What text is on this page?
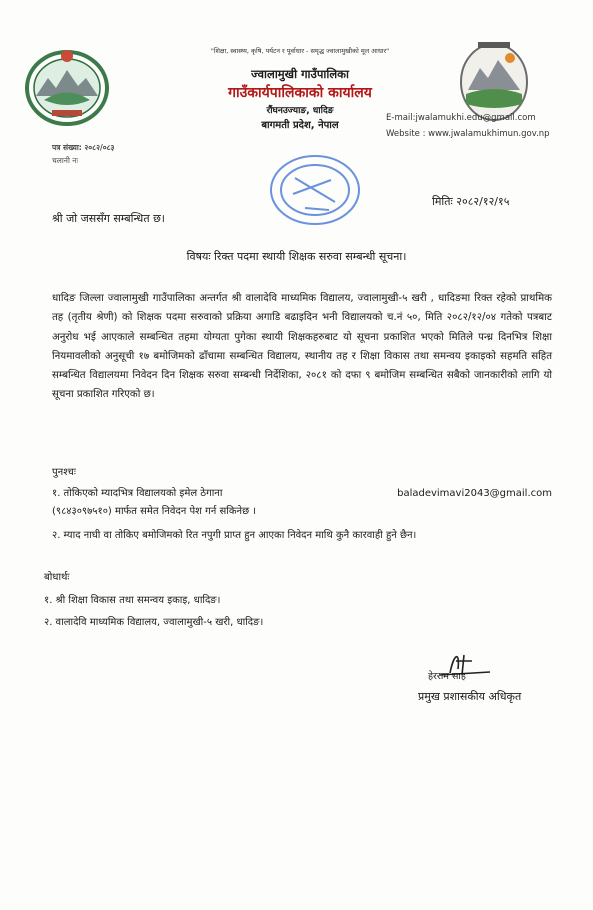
"शिक्षा, स्वास्थ्य, कृषि, पर्यटन र पूर्वाधार - समृद्ध ज्वालामुखीको मूल आधार"
ज्वालामुखी गाउँपालिका
गाउँकार्यपालिकाको कार्यालय
रौंघनउज्याङ, धादिङ
बागमती प्रदेश, नेपाल
E-mail:jwalamukhi.edu@gmail.com
Website : www.jwalamukhimun.gov.np
पत्र संख्या: २०८२/०८३
चलानी नः
मितिः २०८२/१२/१५
श्री जो जससँग सम्बन्धित छ।
विषयः रिक्त पदमा स्थायी शिक्षक सरुवा सम्बन्धी सूचना।
धादिङ जिल्ला ज्वालामुखी गाउँपालिका अन्तर्गत श्री वालादेवि माध्यमिक विद्यालय, ज्वालामुखी-५ खरी , धादिङमा रिक्त रहेको प्राथमिक तह (तृतीय श्रेणी) को शिक्षक पदमा सरुवाको प्रक्रिया अगाडि बढाइदिन भनी विद्यालयको च.नं ५०, मिति २०८२/१२/०४ गतेको पत्रबाट अनुरोध भई आएकाले सम्बन्धित तहमा योग्यता पुगेका स्थायी शिक्षकहरुबाट यो सूचना प्रकाशित भएको मितिले पन्ध्र दिनभित्र शिक्षा नियमावलीको अनुसूची १७ बमोजिमको ढाँचामा सम्बन्धित विद्यालय, स्थानीय तह र शिक्षा विकास तथा समन्वय इकाइको सहमति सहित सम्बन्धित विद्यालयमा निवेदन दिन शिक्षक सरुवा सम्बन्धी निर्देशिका, २०८१ को दफा ९ बमोजिम सम्बन्धित सबैको जानकारीको लागि यो सूचना प्रकाशित गरिएको छ।
पुनश्चः
१. तोकिएको म्यादभित्र विद्यालयको इमेल ठेगाना	baladevimavi2043@gmail.com
(९८४३०९७५१०) मार्फत समेत निवेदन पेश गर्न सकिनेछ ।
२. म्याद नाघी वा तोकिए बमोजिमको रित नपुगी प्राप्त हुन आएका निवेदन माथि कुनै कारवाही हुने छैन।
बोधार्थः
१. श्री शिक्षा विकास तथा समन्वय इकाइ, धादिङ।
२. वालादेवि माध्यमिक विद्यालय, ज्वालामुखी-५ खरी, धादिङ।
हेरराम साह
प्रमुख प्रशासकीय अधिकृत
